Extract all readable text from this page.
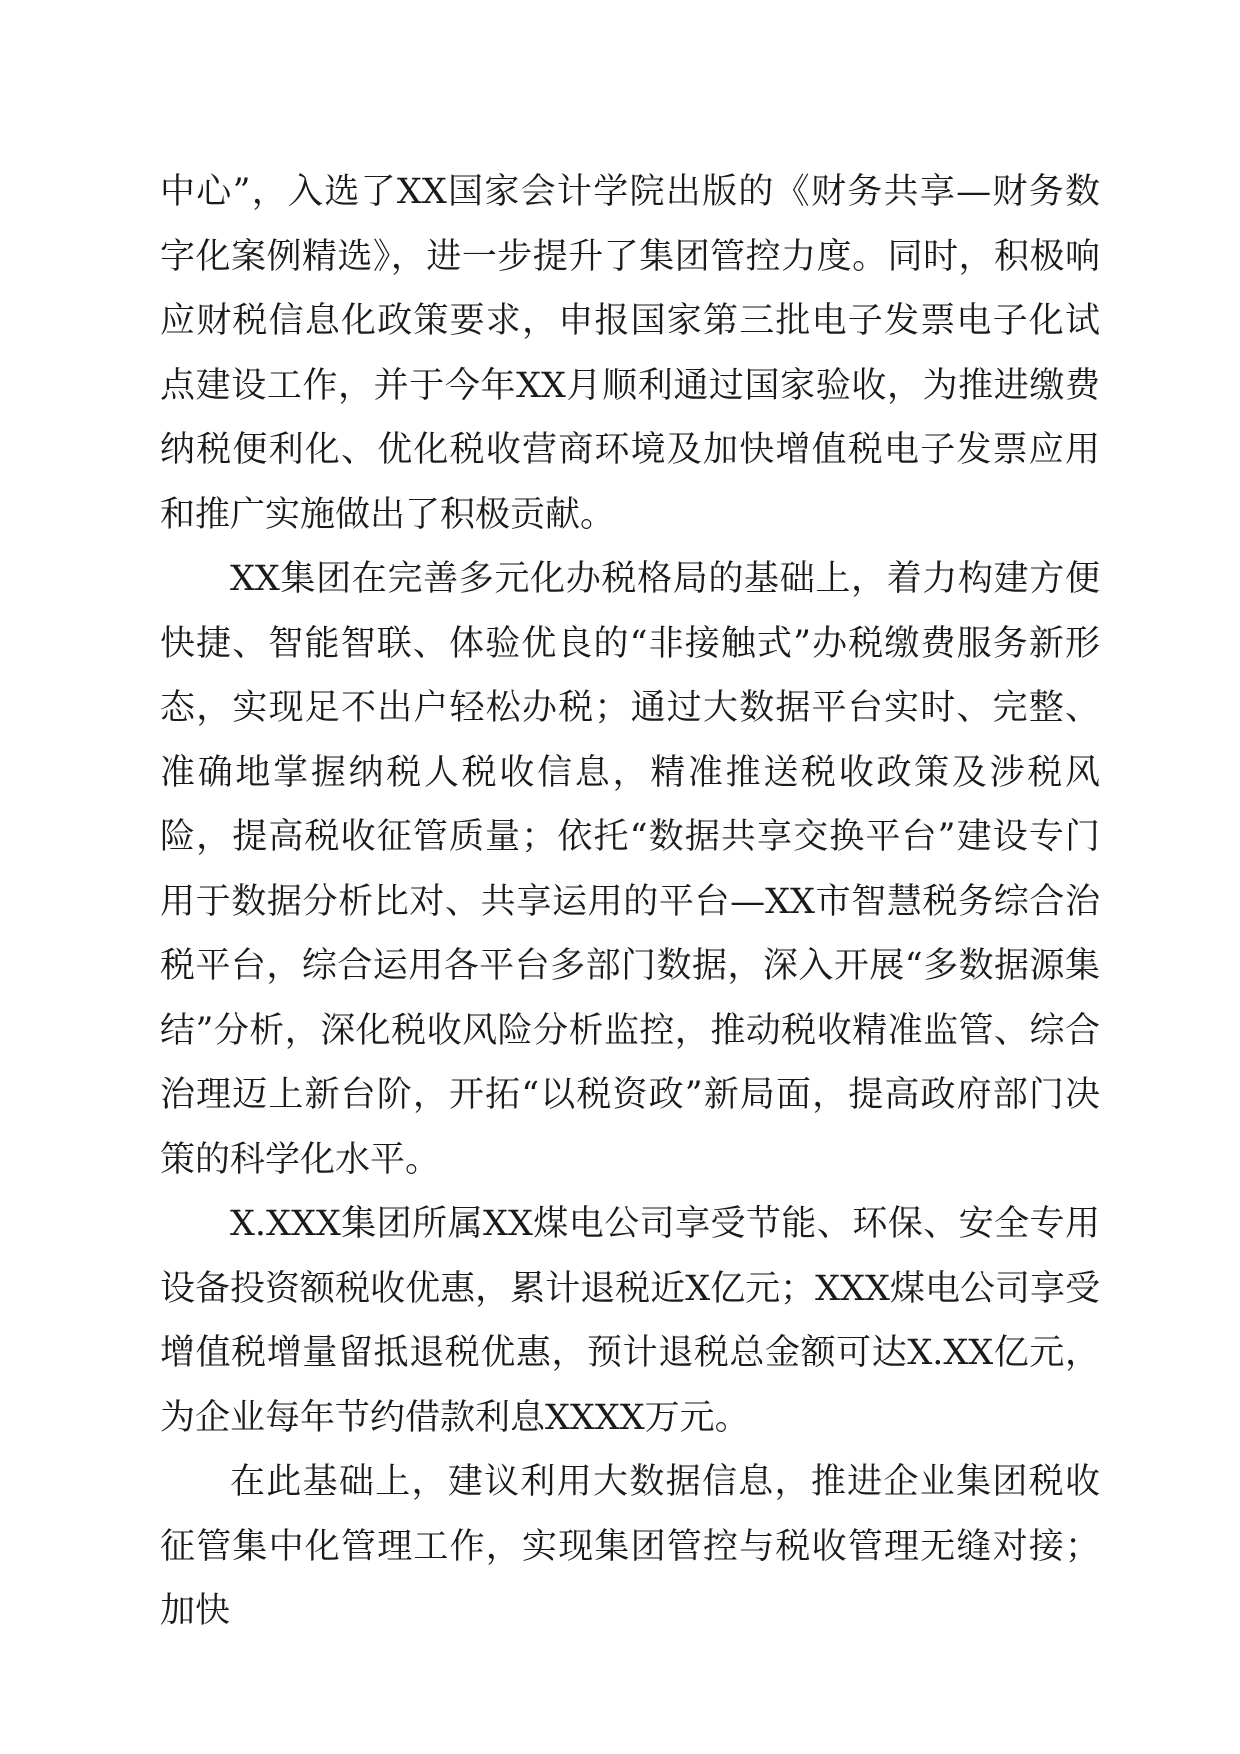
中心”，入选了XX国家会计学院出版的《财务共享—财务数字化案例精选》，进一步提升了集团管控力度。同时，积极响应财税信息化政策要求，申报国家第三批电子发票电子化试点建设工作，并于今年XX月顺利通过国家验收，为推进缴费纳税便利化、优化税收营商环境及加快增值税电子发票应用和推广实施做出了积极贡献。

XX集团在完善多元化办税格局的基础上，着力构建方便快捷、智能智联、体验优良的“非接触式”办税缴费服务新形态，实现足不出户轻松办税；通过大数据平台实时、完整、准确地掌握纳税人税收信息，精准推送税收政策及涉税风险，提高税收征管质量；依托“数据共享交换平台”建设专门用于数据分析比对、共享运用的平台—XX市智慧税务综合治税平台，综合运用各平台多部门数据，深入开展“多数据源集结”分析，深化税收风险分析监控，推动税收精准监管、综合治理迈上新台阶，开拓“以税资政”新局面，提高政府部门决策的科学化水平。

X.XXX集团所属XX煤电公司享受节能、环保、安全专用设备投资额税收优惠，累计退税近X亿元；XXX煤电公司享受增值税增量留抵退税优惠，预计退税总金额可达X.XX亿元，为企业每年节约借款利息XXXX万元。

在此基础上，建议利用大数据信息，推进企业集团税收征管集中化管理工作，实现集团管控与税收管理无缝对接；加快
